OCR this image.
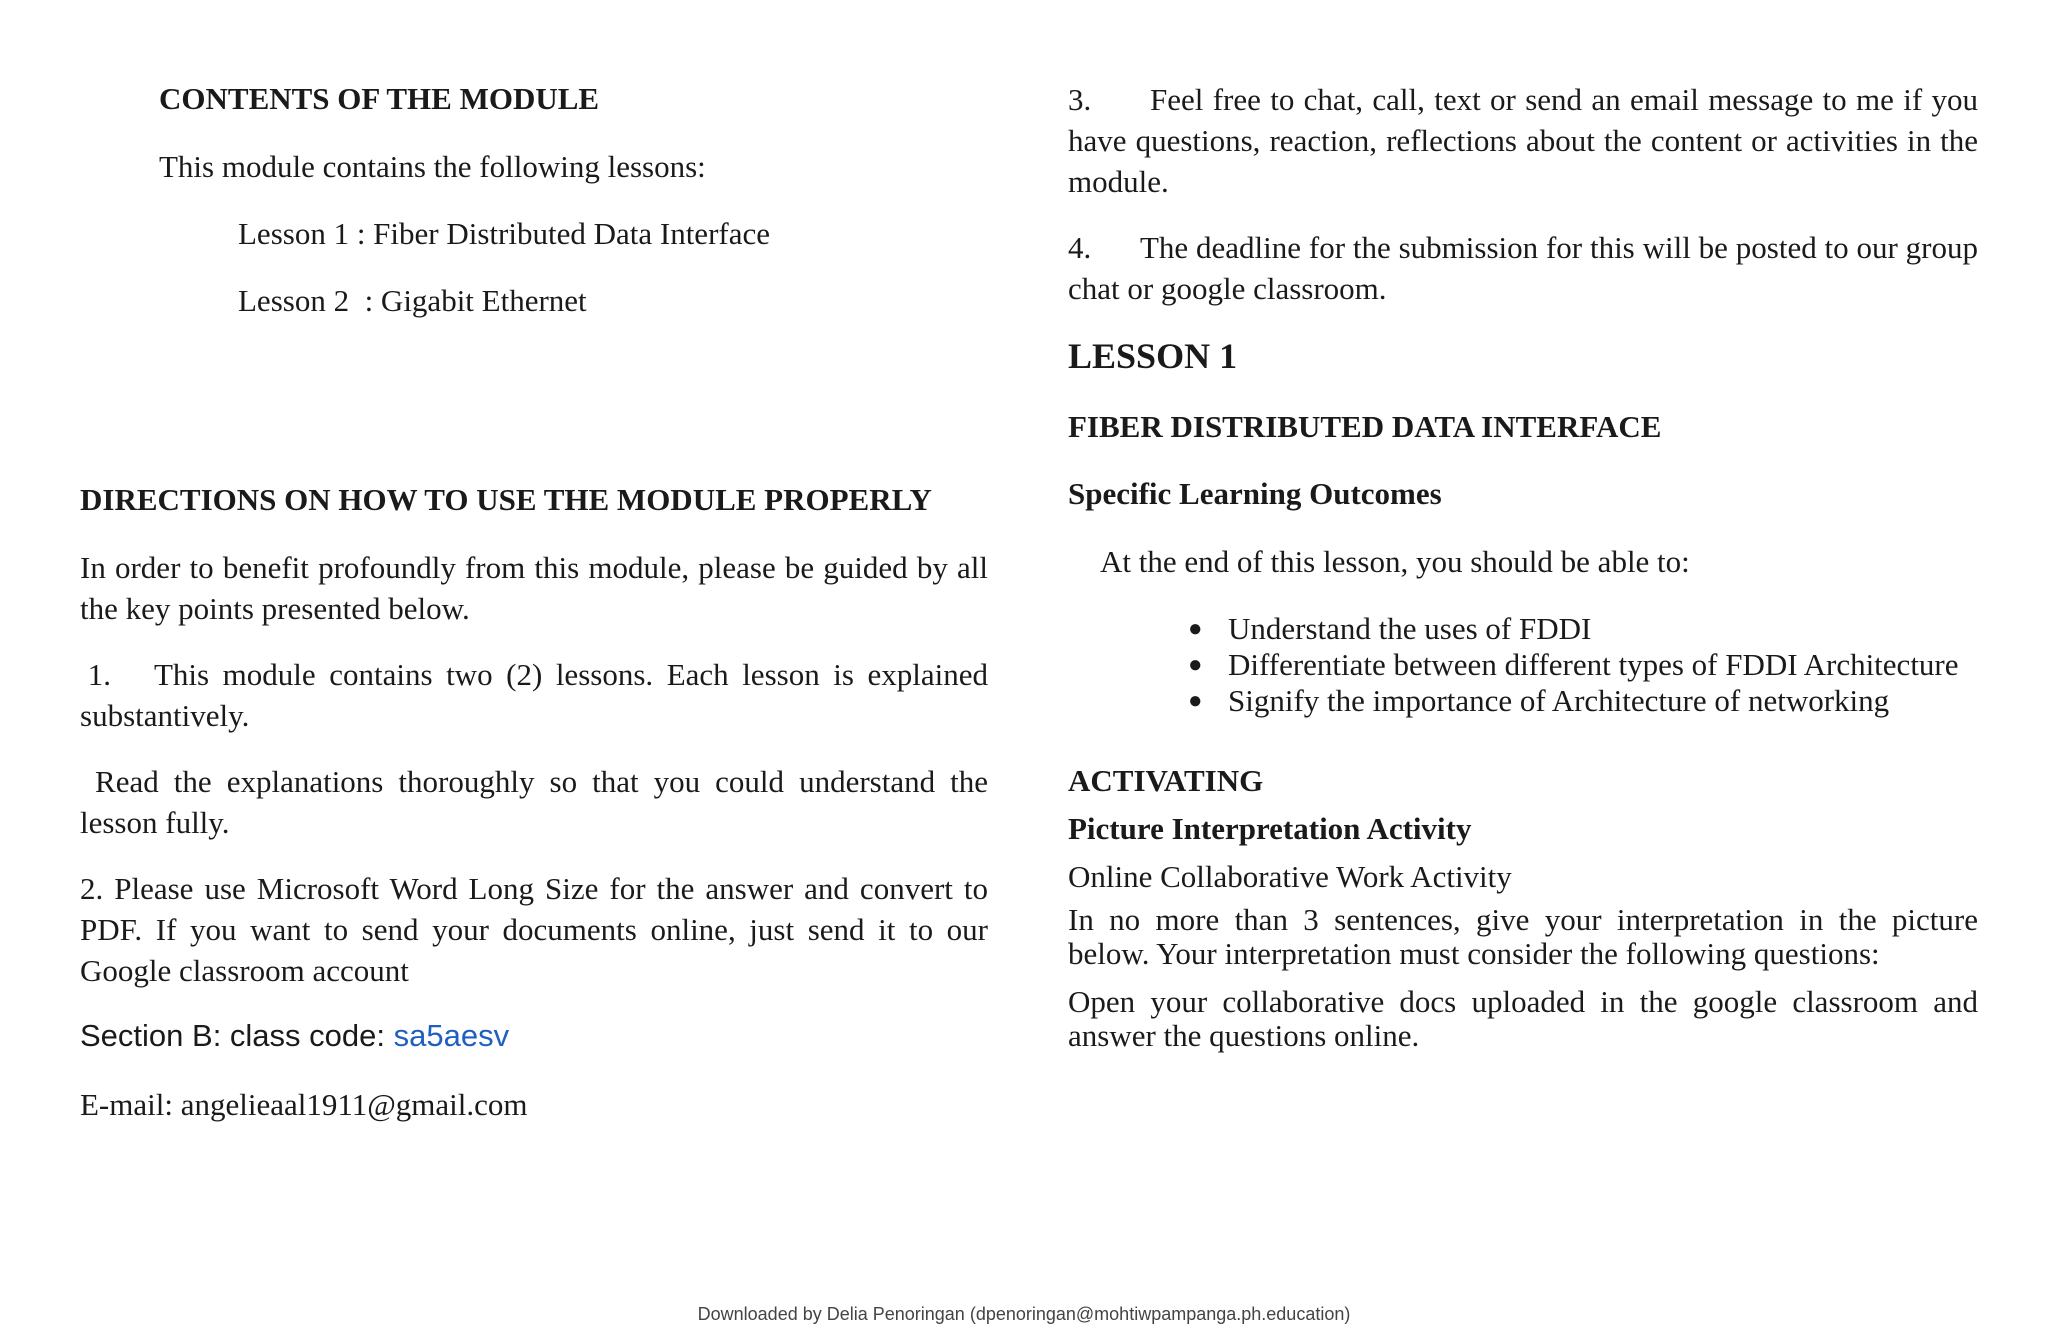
CONTENTS OF THE MODULE

This module contains the following lessons:

Lesson 1 : Fiber Distributed Data Interface

Lesson 2  : Gigabit Ethernet

DIRECTIONS ON HOW TO USE THE MODULE PROPERLY

In order to benefit profoundly from this module, please be guided by all the key points presented below.

1. This module contains two (2) lessons. Each lesson is explained substantively.

Read the explanations thoroughly so that you could understand the lesson fully.

2. Please use Microsoft Word Long Size for the answer and convert to PDF. If you want to send your documents online, just send it to our Google classroom account

Section B: class code: sa5aesv

E-mail: angelieaal1911@gmail.com

3. Feel free to chat, call, text or send an email message to me if you have questions, reaction, reflections about the content or activities in the module.

4. The deadline for the submission for this will be posted to our group chat or google classroom.

LESSON 1

FIBER DISTRIBUTED DATA INTERFACE

Specific Learning Outcomes

At the end of this lesson, you should be able to:

● Understand the uses of FDDI
● Differentiate between different types of FDDI Architecture
● Signify the importance of Architecture of networking

ACTIVATING

Picture Interpretation Activity

Online Collaborative Work Activity

In no more than 3 sentences, give your interpretation in the picture below. Your interpretation must consider the following questions:

Open your collaborative docs uploaded in the google classroom and answer the questions online.

Downloaded by Delia Penoringan (dpenoringan@mohtiwpampanga.ph.education)
